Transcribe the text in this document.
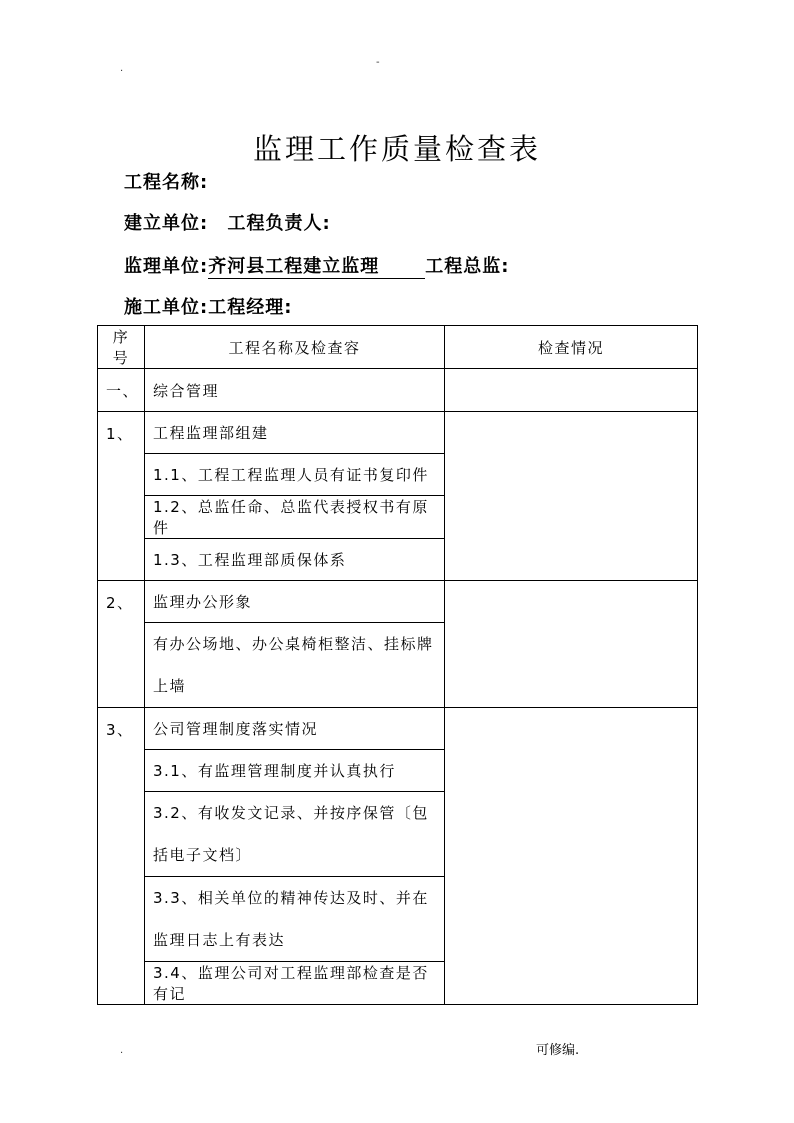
.
-
监理工作质量检查表
工程名称:
建立单位: 工程负责人:
监理单位:齐河县工程建立监理	工程总监:
施工单位:工程经理:
序号	工程名称及检查容	检查情况
一、	综合管理	
1、	工程监理部组建	
	1.1、工程工程监理人员有证书复印件	
	1.2、总监任命、总监代表授权书有原件	
	1.3、工程监理部质保体系	
2、	监理办公形象	
	有办公场地、办公桌椅柜整洁、挂标牌上墙	
3、	公司管理制度落实情况	
	3.1、有监理管理制度并认真执行	
	3.2、有收发文记录、并按序保管〔包括电子文档〕	
	3.3、相关单位的精神传达及时、并在监理日志上有表达	
	3.4、监理公司对工程监理部检查是否有记	
.	可修编.
